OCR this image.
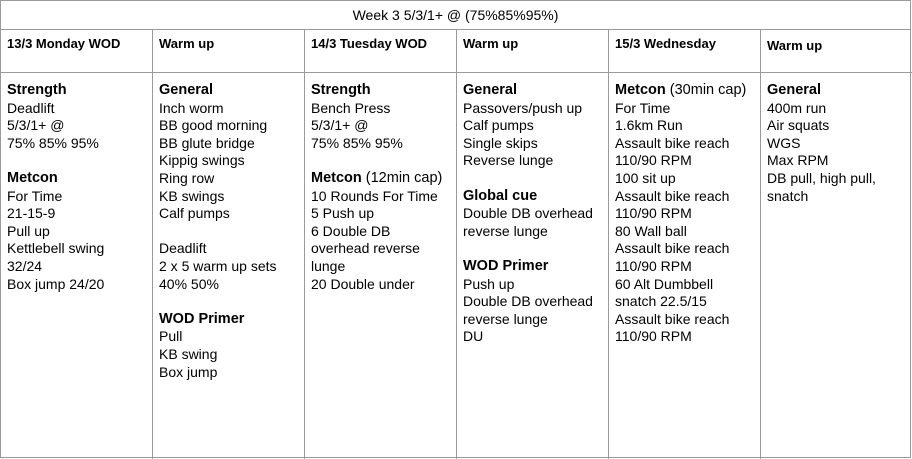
Week 3 5/3/1+ @ (75%85%95%)
13/3 Monday WOD
Strength
Deadlift
5/3/1+ @
75% 85% 95%
Metcon
For Time
21-15-9
Pull up
Kettlebell swing
32/24
Box jump 24/20
Warm up
General
Inch worm
BB good morning
BB glute bridge
Kippig swings
Ring row
KB swings
Calf pumps
Deadlift
2 x 5 warm up sets
40% 50%
WOD Primer
Pull
KB swing
Box jump
14/3 Tuesday WOD
Strength
Bench Press
5/3/1+ @
75% 85% 95%
Metcon (12min cap)
10 Rounds For Time
5 Push up
6 Double DB
overhead reverse
lunge
20 Double under
Warm up
General
Passovers/push up
Calf pumps
Single skips
Reverse lunge
Global cue
Double DB overhead
reverse lunge
WOD Primer
Push up
Double DB overhead
reverse lunge
DU
15/3 Wednesday
Metcon (30min cap)
For Time
1.6km Run
Assault bike reach
110/90 RPM
100 sit up
Assault bike reach
110/90 RPM
80 Wall ball
Assault bike reach
110/90 RPM
60 Alt Dumbbell
snatch 22.5/15
Assault bike reach
110/90 RPM
Warm up
General
400m run
Air squats
WGS
Max RPM
DB pull, high pull,
snatch
